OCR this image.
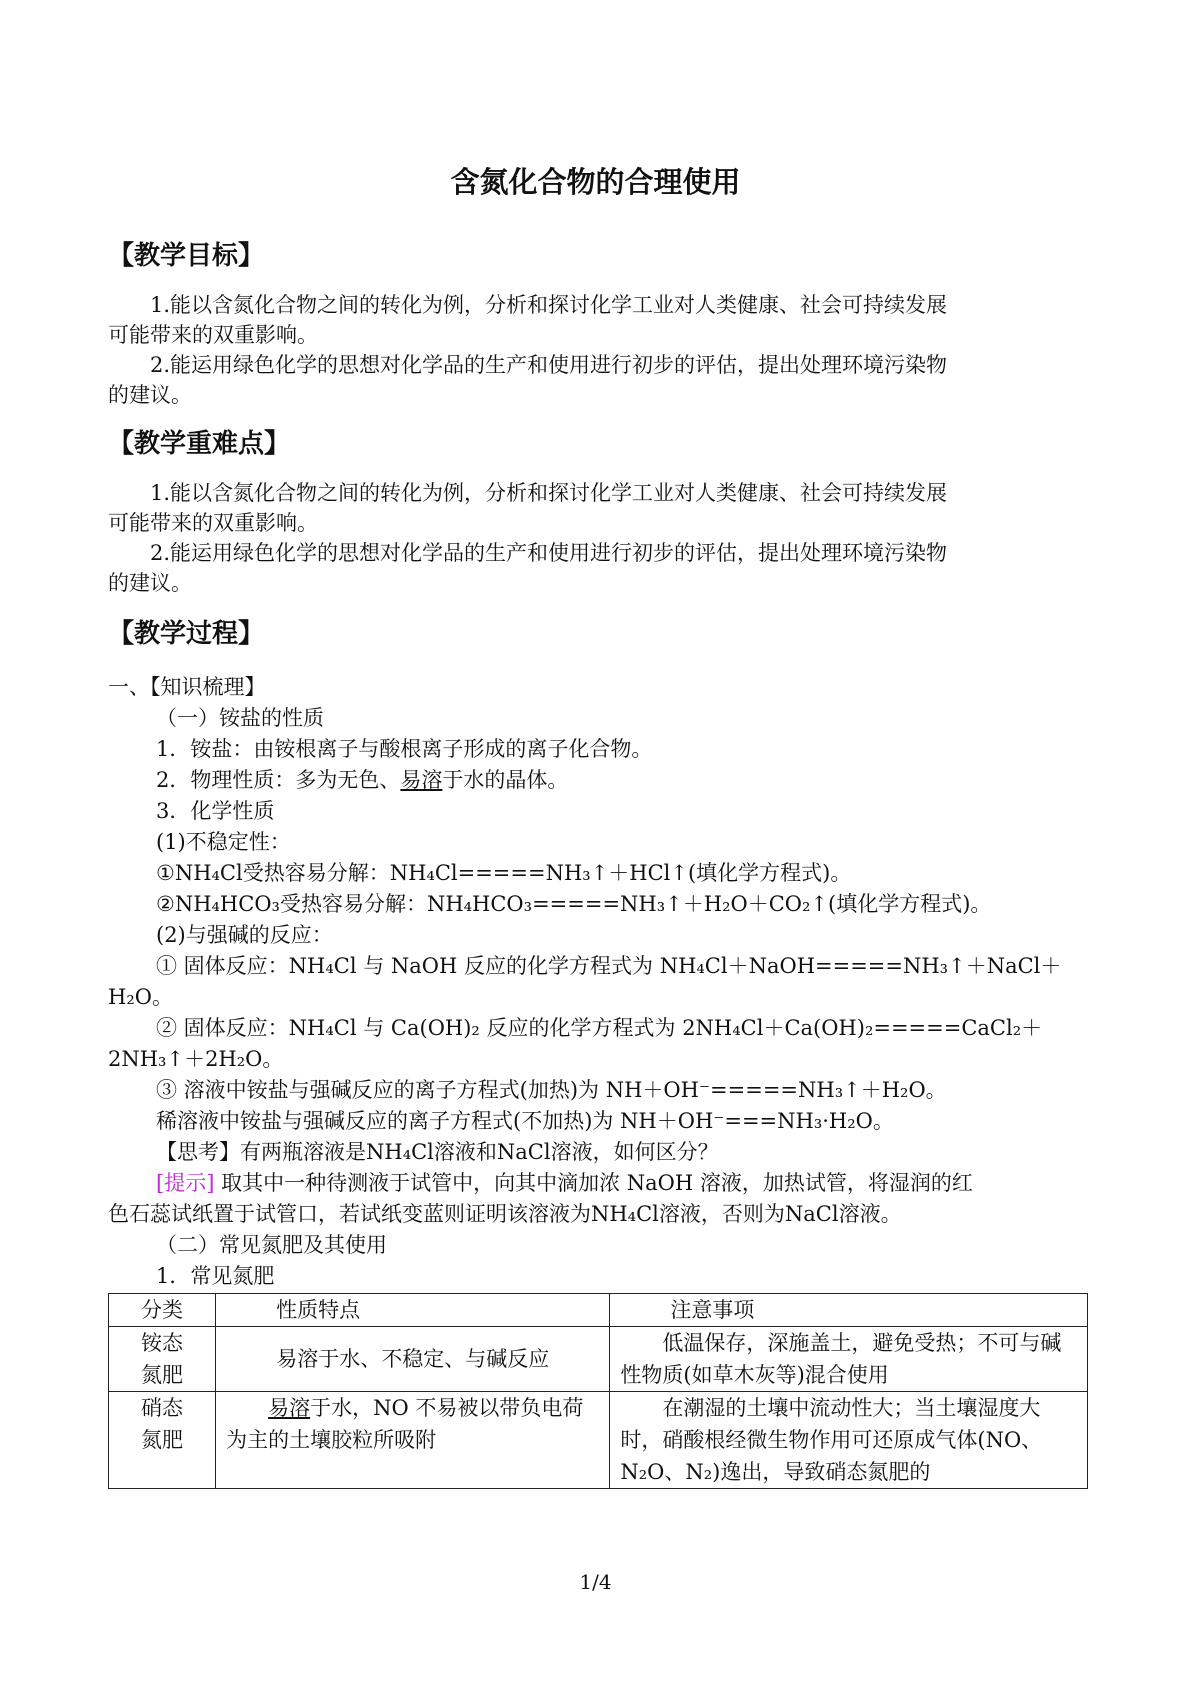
含氮化合物的合理使用
【教学目标】
1.能以含氮化合物之间的转化为例，分析和探讨化学工业对人类健康、社会可持续发展
可能带来的双重影响。
2.能运用绿色化学的思想对化学品的生产和使用进行初步的评估，提出处理环境污染物
的建议。
【教学重难点】
1.能以含氮化合物之间的转化为例，分析和探讨化学工业对人类健康、社会可持续发展
可能带来的双重影响。
2.能运用绿色化学的思想对化学品的生产和使用进行初步的评估，提出处理环境污染物
的建议。
【教学过程】
一、【知识梳理】
（一）铵盐的性质
1．铵盐：由铵根离子与酸根离子形成的离子化合物。
2．物理性质：多为无色、易溶于水的晶体。
3．化学性质
(1)不稳定性：
①NH₄Cl受热容易分解：NH₄Cl=====NH₃↑＋HCl↑(填化学方程式)。
②NH₄HCO₃受热容易分解：NH₄HCO₃=====NH₃↑＋H₂O＋CO₂↑(填化学方程式)。
(2)与强碱的反应：
① 固体反应：NH₄Cl 与 NaOH 反应的化学方程式为 NH₄Cl＋NaOH=====NH₃↑＋NaCl＋
H₂O。
② 固体反应：NH₄Cl 与 Ca(OH)₂ 反应的化学方程式为 2NH₄Cl＋Ca(OH)₂=====CaCl₂＋
2NH₃↑＋2H₂O。
③ 溶液中铵盐与强碱反应的离子方程式(加热)为 NH＋OH⁻=====NH₃↑＋H₂O。
稀溶液中铵盐与强碱反应的离子方程式(不加热)为 NH＋OH⁻===NH₃·H₂O。
【思考】有两瓶溶液是NH₄Cl溶液和NaCl溶液，如何区分？
[提示] 取其中一种待测液于试管中，向其中滴加浓 NaOH 溶液，加热试管，将湿润的红
色石蕊试纸置于试管口，若试纸变蓝则证明该溶液为NH₄Cl溶液，否则为NaCl溶液。
（二）常见氮肥及其使用
1．常见氮肥
分类	性质特点	注意事项
铵态
氮肥	易溶于水、不稳定、与碱反应	低温保存，深施盖土，避免受热；不可与碱性物质(如草木灰等)混合使用
硝态
氮肥	易溶于水，NO 不易被以带负电荷为主的土壤胶粒所吸附	在潮湿的土壤中流动性大；当土壤湿度大时，硝酸根经微生物作用可还原成气体(NO、N₂O、N₂)逸出，导致硝态氮肥的
1/4
